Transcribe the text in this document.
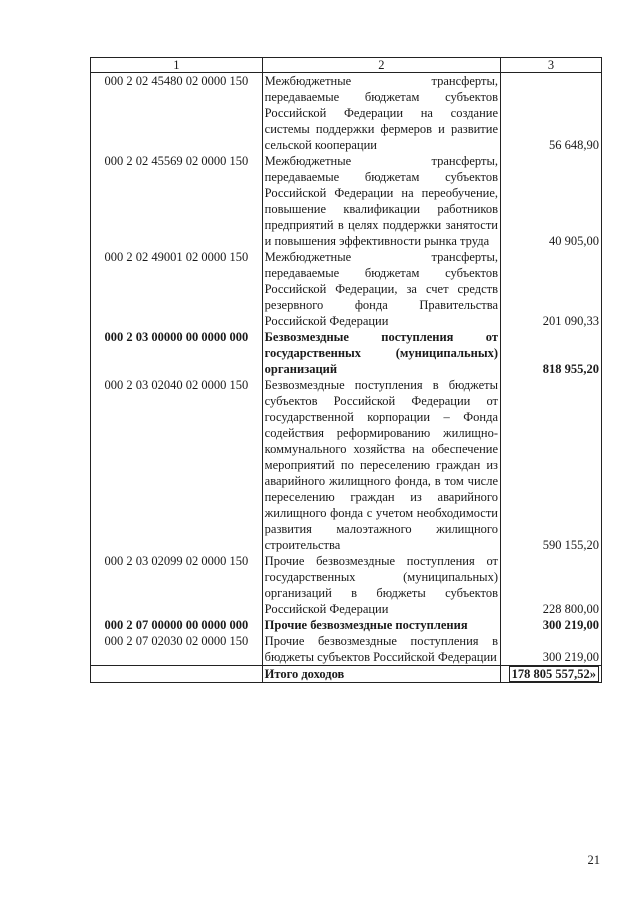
1	2	3
000 2 02 45480 02 0000 150	Межбюджетные трансферты, передаваемые бюджетам субъектов Российской Федерации на создание системы поддержки фермеров и развитие сельской кооперации	56 648,90
000 2 02 45569 02 0000 150	Межбюджетные трансферты, передаваемые бюджетам субъектов Российской Федерации на переобучение, повышение квалификации работников предприятий в целях поддержки занятости и повышения эффективности рынка труда	40 905,00
000 2 02 49001 02 0000 150	Межбюджетные трансферты, передаваемые бюджетам субъектов Российской Федерации, за счет средств резервного фонда Правительства Российской Федерации	201 090,33
000 2 03 00000 00 0000 000	Безвозмездные поступления от государственных (муниципальных) организаций	818 955,20
000 2 03 02040 02 0000 150	Безвозмездные поступления в бюджеты субъектов Российской Федерации от государственной корпорации – Фонда содействия реформированию жилищно-коммунального хозяйства на обеспечение мероприятий по переселению граждан из аварийного жилищного фонда, в том числе переселению граждан из аварийного жилищного фонда с учетом необходимости развития малоэтажного жилищного строительства	590 155,20
000 2 03 02099 02 0000 150	Прочие безвозмездные поступления от государственных (муниципальных) организаций в бюджеты субъектов Российской Федерации	228 800,00
000 2 07 00000 00 0000 000	Прочие безвозмездные поступления	300 219,00
000 2 07 02030 02 0000 150	Прочие безвозмездные поступления в бюджеты субъектов Российской Федерации	300 219,00
	Итого доходов	178 805 557,52»
21
